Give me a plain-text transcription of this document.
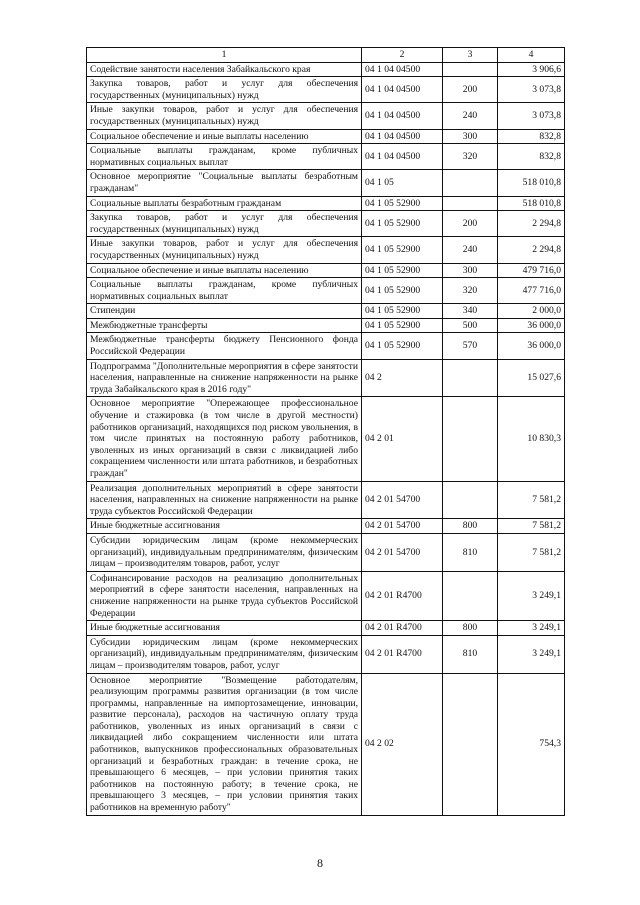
1	2	3	4
Содействие занятости населения Забайкальского края	04 1 04 04500		3 906,6
Закупка товаров, работ и услуг для обеспечения государственных (муниципальных) нужд	04 1 04 04500	200	3 073,8
Иные закупки товаров, работ и услуг для обеспечения государственных (муниципальных) нужд	04 1 04 04500	240	3 073,8
Социальное обеспечение и иные выплаты населению	04 1 04 04500	300	832,8
Социальные выплаты гражданам, кроме публичных нормативных социальных выплат	04 1 04 04500	320	832,8
Основное мероприятие "Социальные выплаты безработным гражданам"	04 1 05		518 010,8
Социальные выплаты безработным гражданам	04 1 05 52900		518 010,8
Закупка товаров, работ и услуг для обеспечения государственных (муниципальных) нужд	04 1 05 52900	200	2 294,8
Иные закупки товаров, работ и услуг для обеспечения государственных (муниципальных) нужд	04 1 05 52900	240	2 294,8
Социальное обеспечение и иные выплаты населению	04 1 05 52900	300	479 716,0
Социальные выплаты гражданам, кроме публичных нормативных социальных выплат	04 1 05 52900	320	477 716,0
Стипендии	04 1 05 52900	340	2 000,0
Межбюджетные трансферты	04 1 05 52900	500	36 000,0
Межбюджетные трансферты бюджету Пенсионного фонда Российской Федерации	04 1 05 52900	570	36 000,0
Подпрограмма "Дополнительные мероприятия в сфере занятости населения, направленные на снижение напряженности на рынке труда Забайкальского края в 2016 году"	04 2		15 027,6
Основное мероприятие "Опережающее профессиональное обучение и стажировка (в том числе в другой местности) работников организаций, находящихся под риском увольнения, в том числе принятых на постоянную работу работников, уволенных из иных организаций в связи с ликвидацией либо сокращением численности или штата работников, и безработных граждан"	04 2 01		10 830,3
Реализация дополнительных мероприятий в сфере занятости населения, направленных на снижение напряженности на рынке труда субъектов Российской Федерации	04 2 01 54700		7 581,2
Иные бюджетные ассигнования	04 2 01 54700	800	7 581,2
Субсидии юридическим лицам (кроме некоммерческих организаций), индивидуальным предпринимателям, физическим лицам – производителям товаров, работ, услуг	04 2 01 54700	810	7 581,2
Софинансирование расходов на реализацию дополнительных мероприятий в сфере занятости населения, направленных на снижение напряженности на рынке труда субъектов Российской Федерации	04 2 01 R4700		3 249,1
Иные бюджетные ассигнования	04 2 01 R4700	800	3 249,1
Субсидии юридическим лицам (кроме некоммерческих организаций), индивидуальным предпринимателям, физическим лицам – производителям товаров, работ, услуг	04 2 01 R4700	810	3 249,1
Основное мероприятие "Возмещение работодателям, реализующим программы развития организации (в том числе программы, направленные на импортозамещение, инновации, развитие персонала), расходов на частичную оплату труда работников, уволенных из иных организаций в связи с ликвидацией либо сокращением численности или штата работников, выпускников профессиональных образовательных организаций и безработных граждан: в течение срока, не превышающего 6 месяцев, – при условии принятия таких работников на постоянную работу; в течение срока, не превышающего 3 месяцев, – при условии принятия таких работников на временную работу"	04 2 02		754,3
8
